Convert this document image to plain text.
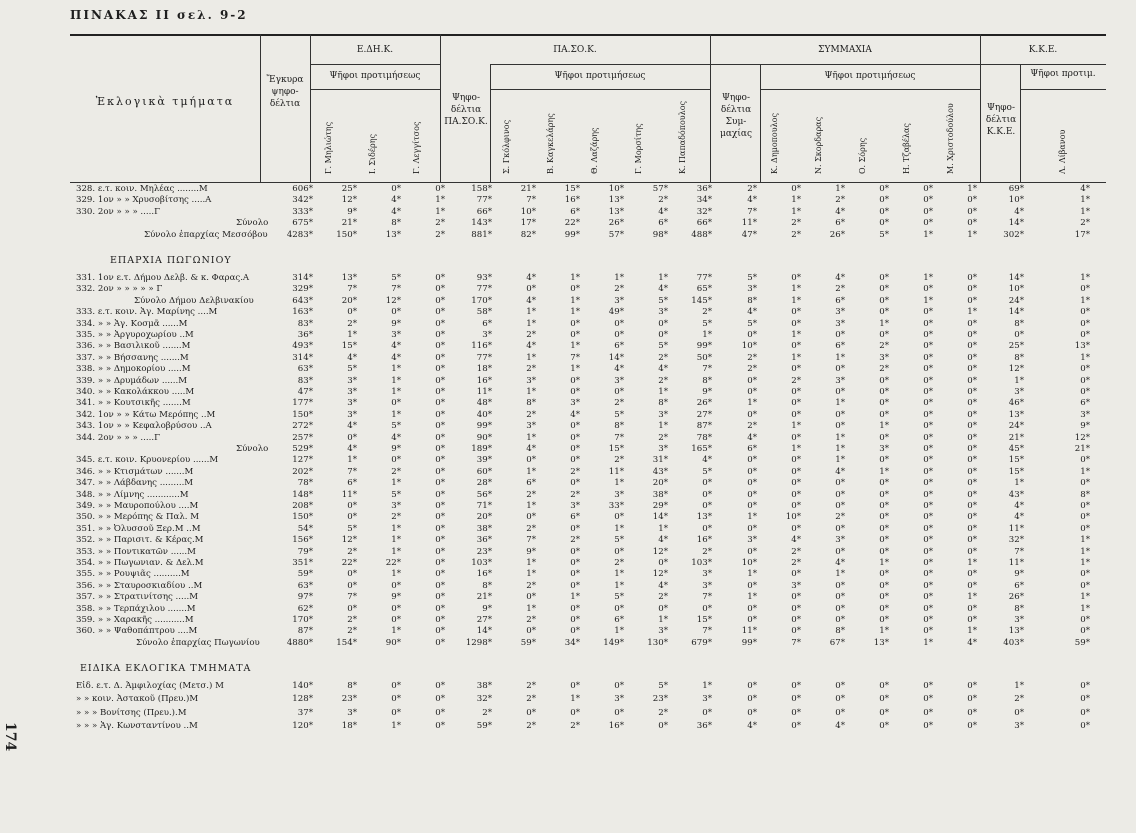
ΠΙΝΑΚΑΣ II σελ. 9-2
174
Ἐκλογικὰ τμήματα
Ἔγκυρα ψηφο-δέλτια
Ε.ΔΗ.Κ.
Ψῆφοι προτιμήσεως
ΠΑ.ΣΟ.Κ.
Ψηφο-δέλτια ΠΑ.ΣΟ.Κ.
Ψῆφοι προτιμήσεως
ΣΥΜΜΑΧΙΑ
Ψηφο-δέλτια Συμ-μαχίας
Ψῆφοι προτιμήσεως
Κ.Κ.Ε.
Ψηφο-δέλτια Κ.Κ.Ε.
Ψῆφοι προτιμ.
Γ. Μηλιώτης	Ι. Σιδέρης	Γ. Λεγγίτσος	Σ. Γκόλφινος	Β. Καγκελάρης	Θ. Λαζάρης	Γ. Μορσίτης	Κ. Παπαδόπουλος	Κ. Δημοπουλος	Ν. Σκορδαρας	Ο. Σόρης	Η. Τζαβέλας	Μ. Χριστοδούλου	Λ. Λίβανου
328. ε.τ. κοιν. Μηλέας ........Μ	606*	25*	0*	0*	158*	21*	15*	10*	57*	36*	2*	0*	1*	0*	0*	1*	69*	4*
329. 1ον » » Χρυσοβίτσης .....Α	342*	12*	4*	1*	77*	7*	16*	13*	2*	34*	4*	1*	2*	0*	0*	0*	10*	1*
330. 2ον » » » .....Γ	333*	9*	4*	1*	66*	10*	6*	13*	4*	32*	7*	1*	4*	0*	0*	0*	4*	1*
Σύνολο	675*	21*	8*	2*	143*	17*	22*	26*	6*	66*	11*	2*	6*	0*	0*	0*	14*	2*
Σύνολο ἐπαρχίας Μεσσόβου	4283*	150*	13*	2*	881*	82*	99*	57*	98*	488*	47*	2*	26*	5*	1*	1*	302*	17*
ΕΠΑΡΧΙΑ ΠΩΓΩΝΙΟΥ
331. 1ον ε.τ. Δήμου Δελβ. & κ. Φαρας.Α	314*	13*	5*	0*	93*	4*	1*	1*	1*	77*	5*	0*	4*	0*	1*	0*	14*	1*
332. 2ον » » » » » Γ	329*	7*	7*	0*	77*	0*	0*	2*	4*	65*	3*	1*	2*	0*	0*	0*	10*	0*
Σύνολο Δήμου Δελβινακίου	643*	20*	12*	0*	170*	4*	1*	3*	5*	145*	8*	1*	6*	0*	1*	0*	24*	1*
333. ε.τ. κοιν. Ἁγ. Μαρίνης ....Μ	163*	0*	0*	0*	58*	1*	1*	49*	3*	2*	4*	0*	3*	0*	0*	1*	14*	0*
334. » » Ἁγ. Κοσμᾶ ......Μ	83*	2*	9*	0*	6*	1*	0*	0*	0*	5*	5*	0*	3*	1*	0*	0*	8*	0*
335. » » Ἀργυροχωρίου ..Μ	36*	1*	3*	0*	3*	2*	0*	0*	0*	1*	0*	1*	0*	0*	0*	0*	0*	0*
336. » » Βασιλικοῦ .......Μ	493*	15*	4*	0*	116*	4*	1*	6*	5*	99*	10*	0*	6*	2*	0*	0*	25*	13*
337. » » Βήσσανης .......Μ	314*	4*	4*	0*	77*	1*	7*	14*	2*	50*	2*	1*	1*	3*	0*	0*	8*	1*
338. » » Δημοκορίου .....Μ	63*	5*	1*	0*	18*	2*	1*	4*	4*	7*	2*	0*	0*	2*	0*	0*	12*	0*
339. » » Δρυμάδων ......Μ	83*	3*	1*	0*	16*	3*	0*	3*	2*	8*	0*	2*	3*	0*	0*	0*	1*	0*
340. » » Κακολάκκου .....Μ	47*	3*	1*	0*	11*	1*	0*	0*	1*	9*	0*	0*	0*	0*	0*	0*	3*	0*
341. » » Κουτσικῆς .......Μ	177*	3*	0*	0*	48*	8*	3*	2*	8*	26*	1*	0*	1*	0*	0*	0*	46*	6*
342. 1ον » » Κάτω Μερόπης ..Μ	150*	3*	1*	0*	40*	2*	4*	5*	3*	27*	0*	0*	0*	0*	0*	0*	13*	3*
343. 1ον » » Κεφαλοβρύσου ..Α	272*	4*	5*	0*	99*	3*	0*	8*	1*	87*	2*	1*	0*	1*	0*	0*	24*	9*
344. 2ον » » » .....Γ	257*	0*	4*	0*	90*	1*	0*	7*	2*	78*	4*	0*	1*	0*	0*	0*	21*	12*
Σύνολο	529*	4*	9*	0*	189*	4*	0*	15*	3*	165*	6*	1*	1*	3*	0*	0*	45*	21*
345. ε.τ. κοιν. Κρυονερίου ......Μ	127*	1*	0*	0*	39*	0*	0*	2*	31*	4*	0*	0*	1*	0*	0*	0*	15*	0*
346. » » Κτισμάτων .......Μ	202*	7*	2*	0*	60*	1*	2*	11*	43*	5*	0*	0*	4*	1*	0*	0*	15*	1*
347. » » Λάβδανης .........Μ	78*	6*	1*	0*	28*	6*	0*	1*	20*	0*	0*	0*	0*	0*	0*	0*	1*	0*
348. » » Λίμνης ............Μ	148*	11*	5*	0*	56*	2*	2*	3*	38*	0*	0*	0*	0*	0*	0*	0*	43*	8*
349. » » Μαυροπούλου ....Μ	208*	0*	3*	0*	71*	1*	3*	33*	29*	0*	0*	0*	0*	0*	0*	0*	4*	0*
350. » » Μερόπης & Παλ. Μ	150*	0*	2*	0*	20*	0*	6*	0*	14*	13*	1*	10*	2*	0*	0*	0*	4*	0*
351. » » Ὀλυσσοῦ Ξερ.Μ ..Μ	54*	5*	1*	0*	38*	2*	0*	1*	1*	0*	0*	0*	0*	0*	0*	0*	11*	0*
352. » » Παρισιτ. & Κέρας.Μ	156*	12*	1*	0*	36*	7*	2*	5*	4*	16*	3*	4*	3*	0*	0*	0*	32*	1*
353. » » Ποντικατῶν ......Μ	79*	2*	1*	0*	23*	9*	0*	0*	12*	2*	0*	2*	0*	0*	0*	0*	7*	1*
354. » » Πωγωνιαν. & Δελ.Μ	351*	22*	22*	0*	103*	1*	0*	2*	0*	103*	10*	2*	4*	1*	0*	1*	11*	1*
355. » » Ρουψιᾶς ..........Μ	59*	0*	1*	0*	16*	1*	0*	1*	12*	3*	1*	0*	1*	0*	0*	0*	9*	0*
356. » » Σταυροσκιαδίου ..Μ	63*	0*	0*	0*	8*	2*	0*	1*	4*	3*	0*	3*	0*	0*	0*	0*	6*	0*
357. » » Στρατινίτσης .....Μ	97*	7*	9*	0*	21*	0*	1*	5*	2*	7*	1*	0*	0*	0*	0*	1*	26*	1*
358. » » Τερπάχιλου .......Μ	62*	0*	0*	0*	9*	1*	0*	0*	0*	0*	0*	0*	0*	0*	0*	0*	8*	1*
359. » » Χαρακῆς ...........Μ	170*	2*	0*	0*	27*	2*	0*	6*	1*	15*	0*	0*	0*	0*	0*	0*	3*	0*
360. » » Ψαθοπάπτρου ....Μ	87*	2*	1*	0*	14*	0*	0*	1*	3*	7*	11*	0*	8*	1*	0*	1*	13*	0*
Σύνολο ἐπαρχίας Πωγωνίου	4880*	154*	90*	0*	1298*	59*	34*	149*	130*	679*	99*	7*	67*	13*	1*	4*	403*	59*
ΕΙΔΙΚΑ ΕΚΛΟΓΙΚΑ ΤΜΗΜΑΤΑ
Εἰδ. ε.τ. Δ. Ἀμφιλοχίας (Μετσ.) Μ	140*	8*	0*	0*	38*	2*	0*	0*	5*	1*	0*	0*	0*	0*	0*	0*	1*	0*
» » κοιν. Ἀστακοῦ (Πρευ.)Μ	128*	23*	0*	0*	32*	2*	1*	3*	23*	3*	0*	0*	0*	0*	0*	0*	2*	0*
» » » Βονίτσης (Πρευ.).Μ	37*	3*	0*	0*	2*	0*	0*	0*	2*	0*	0*	0*	0*	0*	0*	0*	0*	0*
» » » Ἁγ. Κωνσταντίνου ..Μ	120*	18*	1*	0*	59*	2*	2*	16*	0*	36*	4*	0*	4*	0*	0*	0*	3*	0*
